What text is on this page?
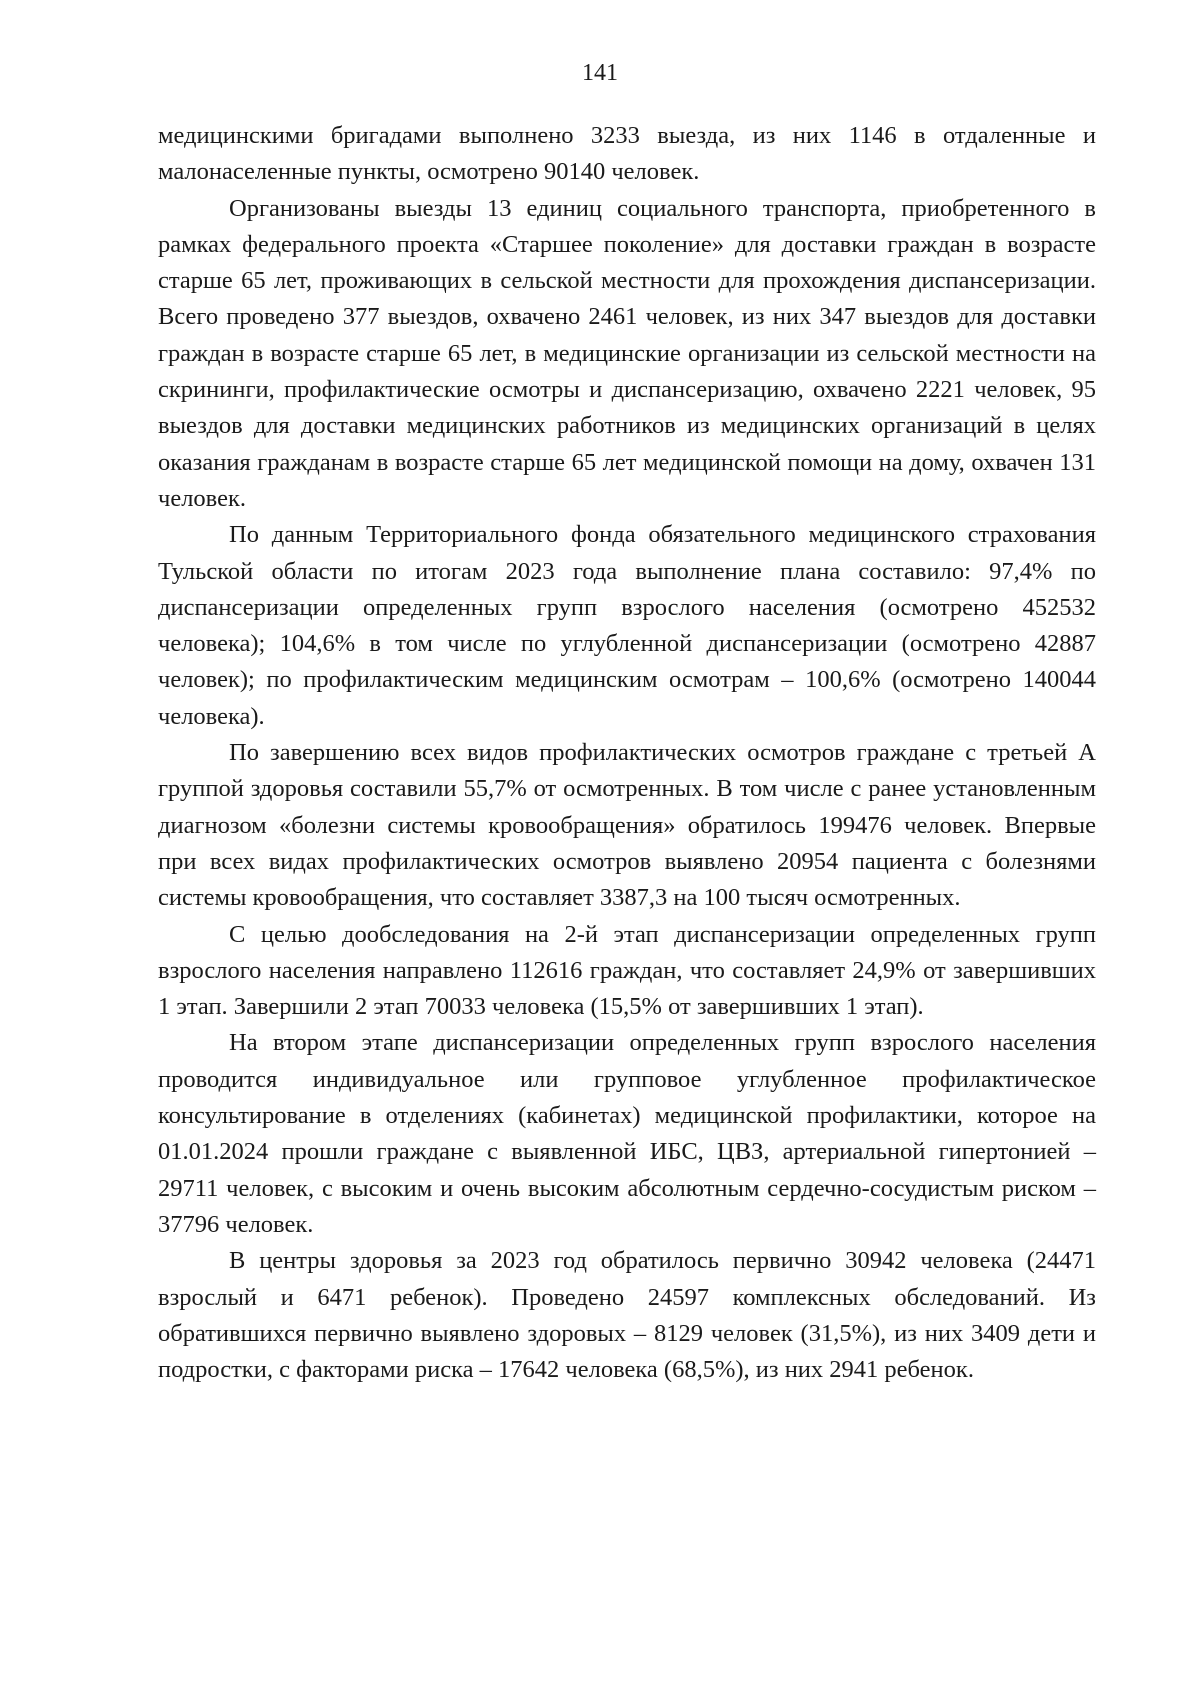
141

медицинскими бригадами выполнено 3233 выезда, из них 1146 в отдаленные и малонаселенные пункты, осмотрено 90140 человек.

Организованы выезды 13 единиц социального транспорта, приобретенного в рамках федерального проекта «Старшее поколение» для доставки граждан в возрасте старше 65 лет, проживающих в сельской местности для прохождения диспансеризации. Всего проведено 377 выездов, охвачено 2461 человек, из них 347 выездов для доставки граждан в возрасте старше 65 лет, в медицинские организации из сельской местности на скрининги, профилактические осмотры и диспансеризацию, охвачено 2221 человек, 95 выездов для доставки медицинских работников из медицинских организаций в целях оказания гражданам в возрасте старше 65 лет медицинской помощи на дому, охвачен 131 человек.

По данным Территориального фонда обязательного медицинского страхования Тульской области по итогам 2023 года выполнение плана составило: 97,4% по диспансеризации определенных групп взрослого населения (осмотрено 452532 человека); 104,6% в том числе по углубленной диспансеризации (осмотрено 42887 человек); по профилактическим медицинским осмотрам – 100,6% (осмотрено 140044 человека).

По завершению всех видов профилактических осмотров граждане с третьей А группой здоровья составили 55,7% от осмотренных. В том числе с ранее установленным диагнозом «болезни системы кровообращения» обратилось 199476 человек. Впервые при всех видах профилактических осмотров выявлено 20954 пациента с болезнями системы кровообращения, что составляет 3387,3 на 100 тысяч осмотренных.

С целью дообследования на 2-й этап диспансеризации определенных групп взрослого населения направлено 112616 граждан, что составляет 24,9% от завершивших 1 этап. Завершили 2 этап 70033 человека (15,5% от завершивших 1 этап).

На втором этапе диспансеризации определенных групп взрослого населения проводится индивидуальное или групповое углубленное профилактическое консультирование в отделениях (кабинетах) медицинской профилактики, которое на 01.01.2024 прошли граждане с выявленной ИБС, ЦВЗ, артериальной гипертонией – 29711 человек, с высоким и очень высоким абсолютным сердечно-сосудистым риском – 37796 человек.

В центры здоровья за 2023 год обратилось первично 30942 человека (24471 взрослый и 6471 ребенок). Проведено 24597 комплексных обследований. Из обратившихся первично выявлено здоровых – 8129 человек (31,5%), из них 3409 дети и подростки, с факторами риска – 17642 человека (68,5%), из них 2941 ребенок.
